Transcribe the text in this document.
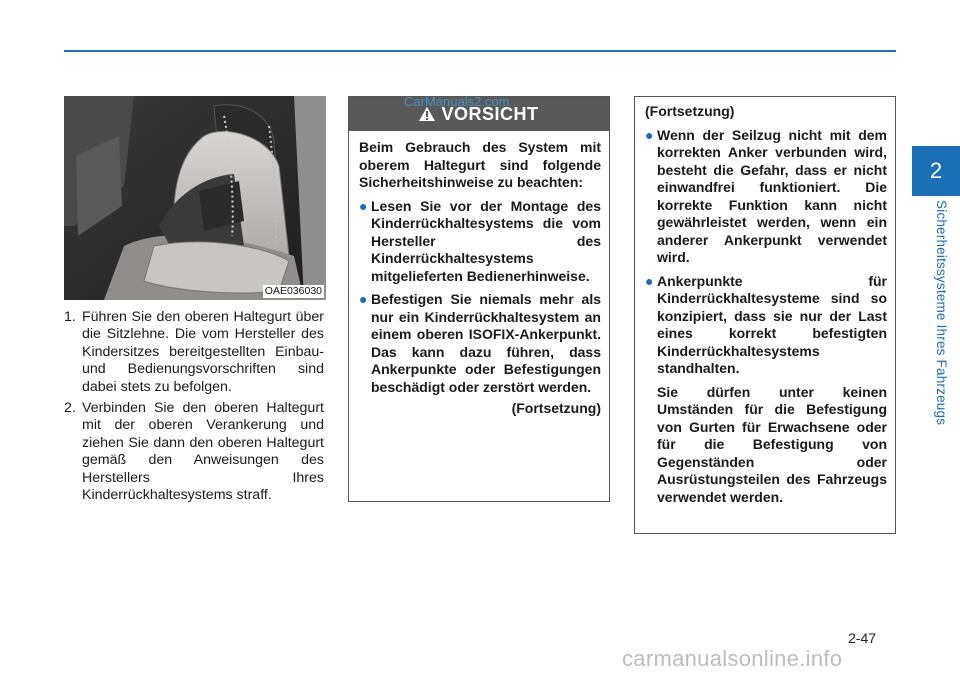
2
Sicherheitssysteme Ihres Fahrzeugs
OAE036030
1. Führen Sie den oberen Haltegurt über die Sitzlehne. Die vom Hersteller des Kindersitzes bereitgestellten Einbau- und Bedienungsvorschriften sind dabei stets zu befolgen.
2. Verbinden Sie den oberen Haltegurt mit der oberen Verankerung und ziehen Sie dann den oberen Haltegurt gemäß den Anweisungen des Herstellers Ihres Kinderrückhaltesystems straff.
VORSICHT
Beim Gebrauch des System mit oberem Haltegurt sind folgende Sicherheitshinweise zu beachten:
● Lesen Sie vor der Montage des Kinderrückhaltesystems die vom Hersteller des Kinderrückhaltesystems mitgelieferten Bedienerhinweise.
● Befestigen Sie niemals mehr als nur ein Kinderrückhaltesystem an einem oberen ISOFIX-Ankerpunkt. Das kann dazu führen, dass Ankerpunkte oder Befestigungen beschädigt oder zerstört werden.
(Fortsetzung)
(Fortsetzung)
● Wenn der Seilzug nicht mit dem korrekten Anker verbunden wird, besteht die Gefahr, dass er nicht einwandfrei funktioniert. Die korrekte Funktion kann nicht gewährleistet werden, wenn ein anderer Ankerpunkt verwendet wird.
● Ankerpunkte für Kinderrückhaltesysteme sind so konzipiert, dass sie nur der Last eines korrekt befestigten Kinderrückhaltesystems standhalten.
Sie dürfen unter keinen Umständen für die Befestigung von Gurten für Erwachsene oder für die Befestigung von Gegenständen oder Ausrüstungsteilen des Fahrzeugs verwendet werden.
2-47
CarManuals2.com
carmanualsonline.info
